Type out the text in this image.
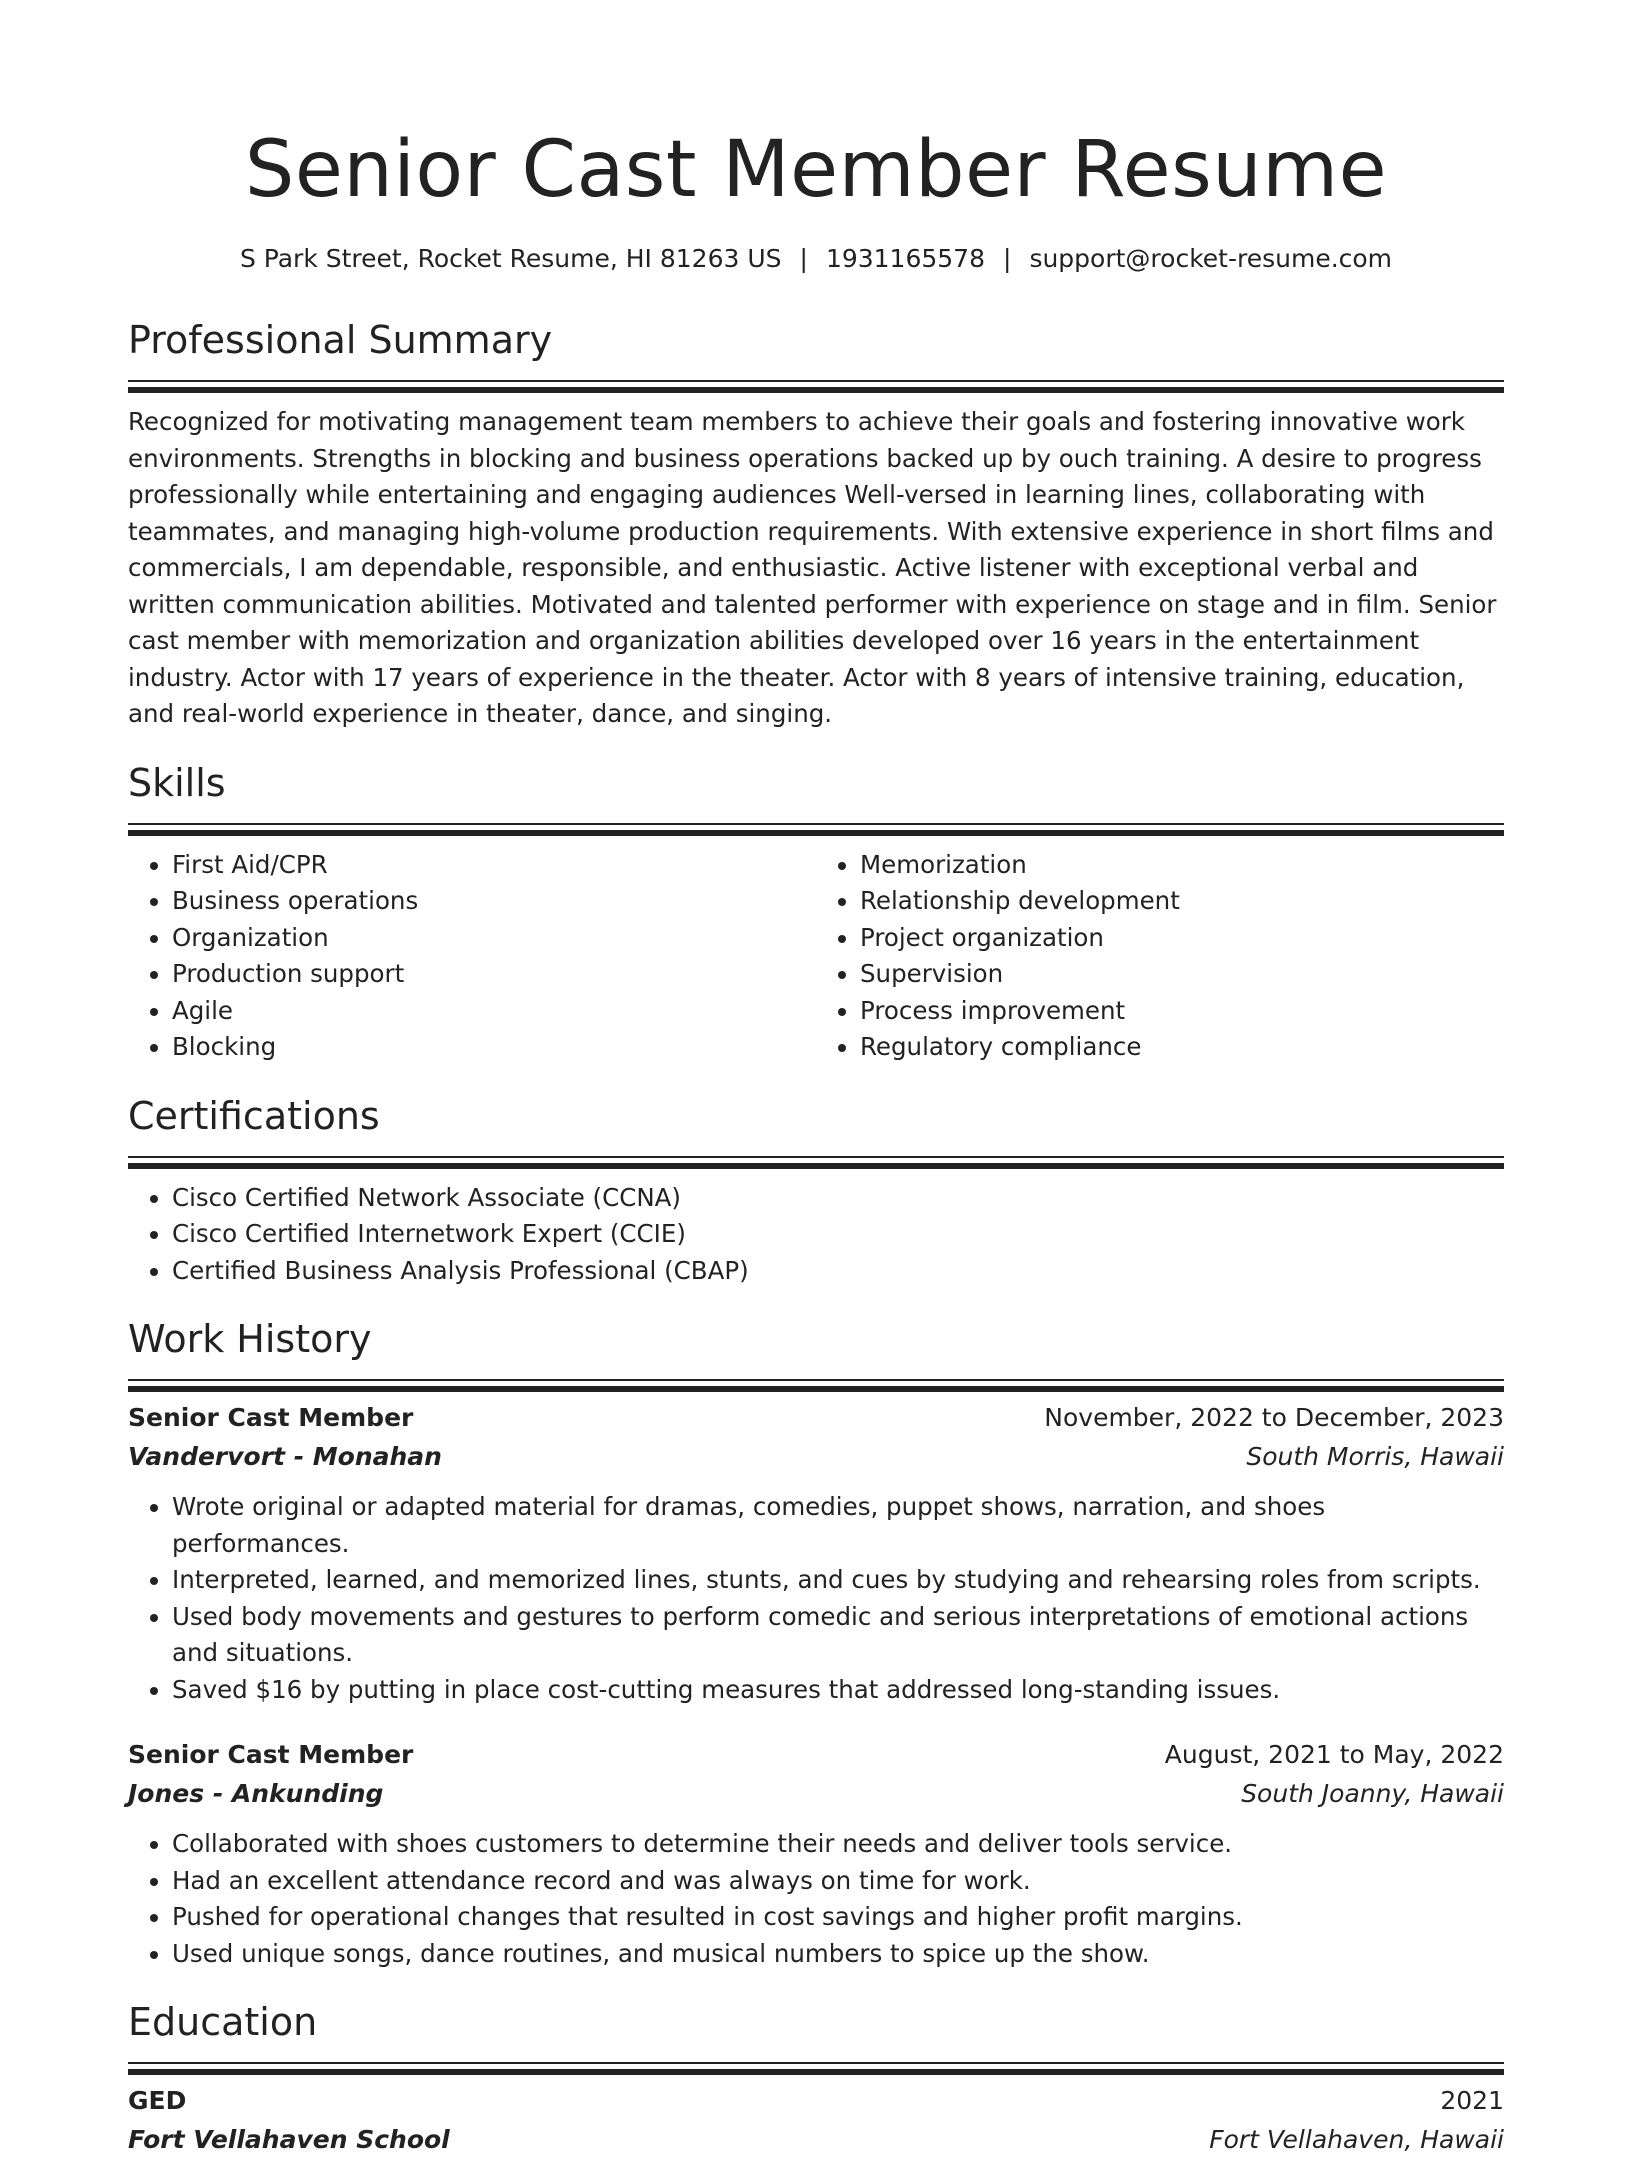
Senior Cast Member Resume
S Park Street, Rocket Resume, HI 81263 US | 1931165578 | support@rocket-resume.com
Professional Summary

Recognized for motivating management team members to achieve their goals and fostering innovative work environments. Strengths in blocking and business operations backed up by ouch training. A desire to progress professionally while entertaining and engaging audiences Well-versed in learning lines, collaborating with teammates, and managing high-volume production requirements. With extensive experience in short films and commercials, I am dependable, responsible, and enthusiastic. Active listener with exceptional verbal and written communication abilities. Motivated and talented performer with experience on stage and in film. Senior cast member with memorization and organization abilities developed over 16 years in the entertainment industry. Actor with 17 years of experience in the theater. Actor with 8 years of intensive training, education, and real-world experience in theater, dance, and singing.

Skills
• First Aid/CPR
• Business operations
• Organization
• Production support
• Agile
• Blocking
• Memorization
• Relationship development
• Project organization
• Supervision
• Process improvement
• Regulatory compliance
Certifications
• Cisco Certified Network Associate (CCNA)
• Cisco Certified Internetwork Expert (CCIE)
• Certified Business Analysis Professional (CBAP)
Work History
Senior Cast Member	November, 2022 to December, 2023
Vandervort - Monahan	South Morris, Hawaii
• Wrote original or adapted material for dramas, comedies, puppet shows, narration, and shoes performances.
• Interpreted, learned, and memorized lines, stunts, and cues by studying and rehearsing roles from scripts.
• Used body movements and gestures to perform comedic and serious interpretations of emotional actions and situations.
• Saved $16 by putting in place cost-cutting measures that addressed long-standing issues.
Senior Cast Member	August, 2021 to May, 2022
Jones - Ankunding	South Joanny, Hawaii
• Collaborated with shoes customers to determine their needs and deliver tools service.
• Had an excellent attendance record and was always on time for work.
• Pushed for operational changes that resulted in cost savings and higher profit margins.
• Used unique songs, dance routines, and musical numbers to spice up the show.
Education
GED	2021
Fort Vellahaven School	Fort Vellahaven, Hawaii
